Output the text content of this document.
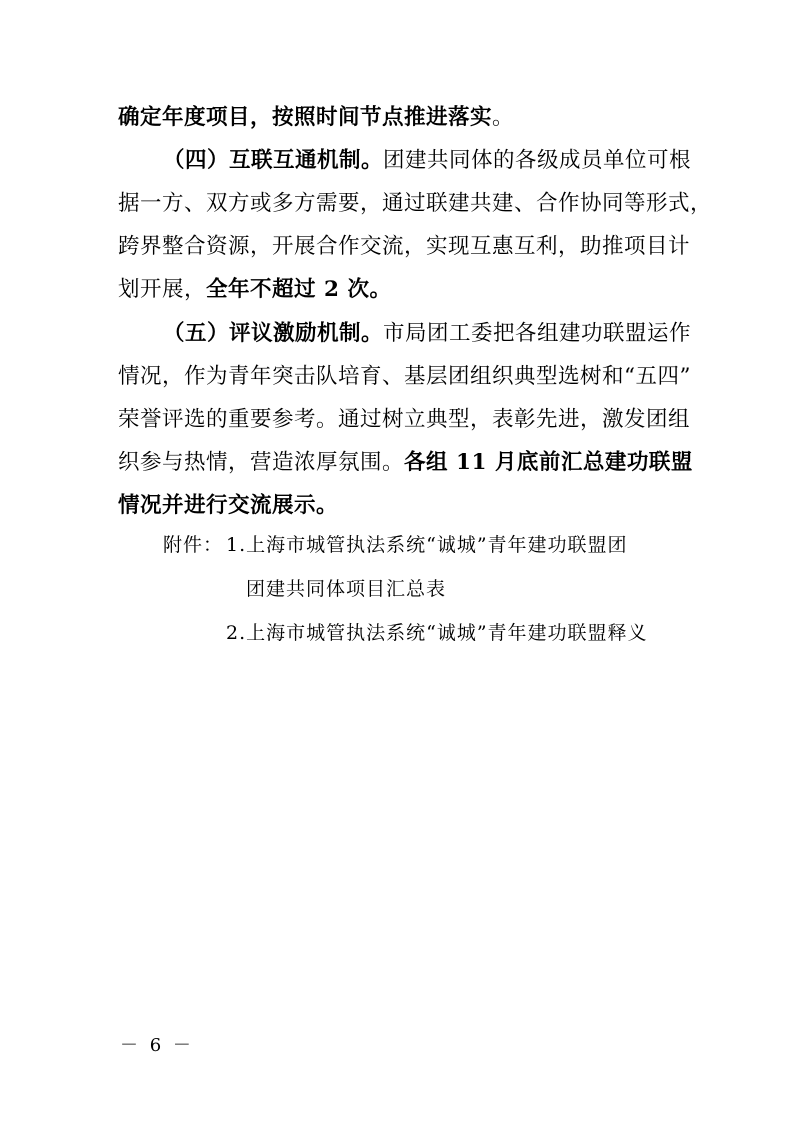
确定年度项目，按照时间节点推进落实。
（四）互联互通机制。团建共同体的各级成员单位可根
据一方、双方或多方需要，通过联建共建、合作协同等形式，
跨界整合资源，开展合作交流，实现互惠互利，助推项目计
划开展，全年不超过 2 次。
（五）评议激励机制。市局团工委把各组建功联盟运作
情况，作为青年突击队培育、基层团组织典型选树和“五四”
荣誉评选的重要参考。通过树立典型，表彰先进，激发团组
织参与热情，营造浓厚氛围。各组 11 月底前汇总建功联盟
情况并进行交流展示。
附件： 1.上海市城管执法系统“诚城”青年建功联盟团
团建共同体项目汇总表
2.上海市城管执法系统“诚城”青年建功联盟释义
－ 6 －
